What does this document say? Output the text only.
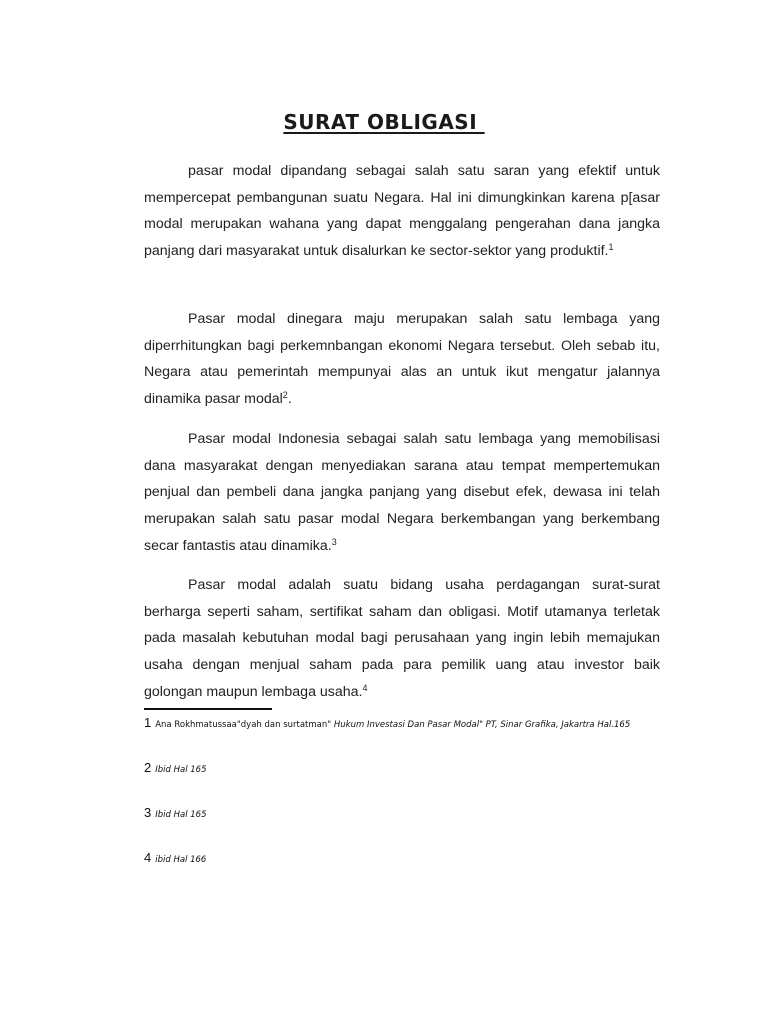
SURAT OBLIGASI

pasar modal dipandang sebagai salah satu saran yang efektif untuk mempercepat pembangunan suatu Negara. Hal ini dimungkinkan karena p[asar modal merupakan wahana yang dapat menggalang pengerahan dana jangka panjang dari masyarakat untuk disalurkan ke sector-sektor yang produktif.$^1$

Pasar modal dinegara maju merupakan salah satu lembaga yang diperrhitungkan bagi perkemnbangan ekonomi Negara tersebut. Oleh sebab itu, Negara atau pemerintah mempunyai alas an untuk ikut mengatur jalannya dinamika pasar modal$^2$.

Pasar modal Indonesia sebagai salah satu lembaga yang memobilisasi dana masyarakat dengan menyediakan sarana atau tempat mempertemukan penjual dan pembeli dana jangka panjang yang disebut efek, dewasa ini telah merupakan salah satu pasar modal Negara berkembangan yang berkembang secar fantastis atau dinamika.$^3$

Pasar modal adalah suatu bidang usaha perdagangan surat-surat berharga seperti saham, sertifikat saham dan obligasi. Motif utamanya terletak pada masalah kebutuhan modal bagi perusahaan yang ingin lebih memajukan usaha dengan menjual saham pada para pemilik uang atau investor baik golongan maupun lembaga usaha.$^4$

1 Ana Rokhmatussaa"dyah dan surtatman" Hukum Investasi Dan Pasar Modal" PT, Sinar Grafika, Jakartra Hal.165
2 Ibid Hal 165
3 Ibid Hal 165
4 ibid Hal 166
